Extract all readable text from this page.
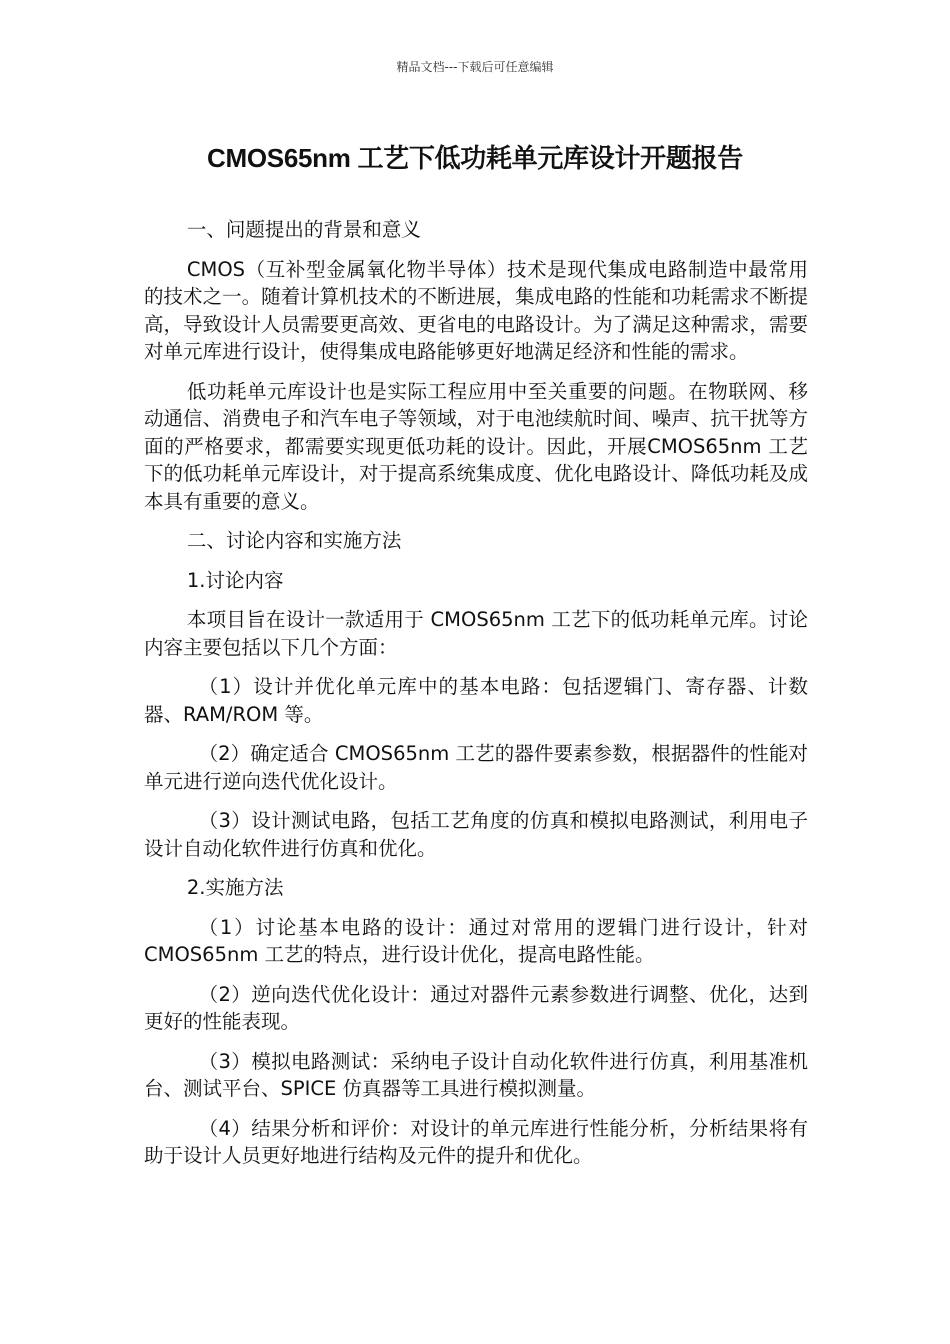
精品文档---下载后可任意编辑
CMOS65nm 工艺下低功耗单元库设计开题报告

一、问题提出的背景和意义

CMOS（互补型金属氧化物半导体）技术是现代集成电路制造中最常用的技术之一。随着计算机技术的不断进展，集成电路的性能和功耗需求不断提高，导致设计人员需要更高效、更省电的电路设计。为了满足这种需求，需要对单元库进行设计，使得集成电路能够更好地满足经济和性能的需求。

低功耗单元库设计也是实际工程应用中至关重要的问题。在物联网、移动通信、消费电子和汽车电子等领域，对于电池续航时间、噪声、抗干扰等方面的严格要求，都需要实现更低功耗的设计。因此，开展CMOS65nm 工艺下的低功耗单元库设计，对于提高系统集成度、优化电路设计、降低功耗及成本具有重要的意义。

二、讨论内容和实施方法

1.讨论内容

本项目旨在设计一款适用于 CMOS65nm 工艺下的低功耗单元库。讨论内容主要包括以下几个方面：

（1）设计并优化单元库中的基本电路：包括逻辑门、寄存器、计数器、RAM/ROM 等。

（2）确定适合 CMOS65nm 工艺的器件要素参数，根据器件的性能对单元进行逆向迭代优化设计。

（3）设计测试电路，包括工艺角度的仿真和模拟电路测试，利用电子设计自动化软件进行仿真和优化。

2.实施方法

（1）讨论基本电路的设计：通过对常用的逻辑门进行设计，针对CMOS65nm 工艺的特点，进行设计优化，提高电路性能。

（2）逆向迭代优化设计：通过对器件元素参数进行调整、优化，达到更好的性能表现。

（3）模拟电路测试：采纳电子设计自动化软件进行仿真，利用基准机台、测试平台、SPICE 仿真器等工具进行模拟测量。

（4）结果分析和评价：对设计的单元库进行性能分析，分析结果将有助于设计人员更好地进行结构及元件的提升和优化。
